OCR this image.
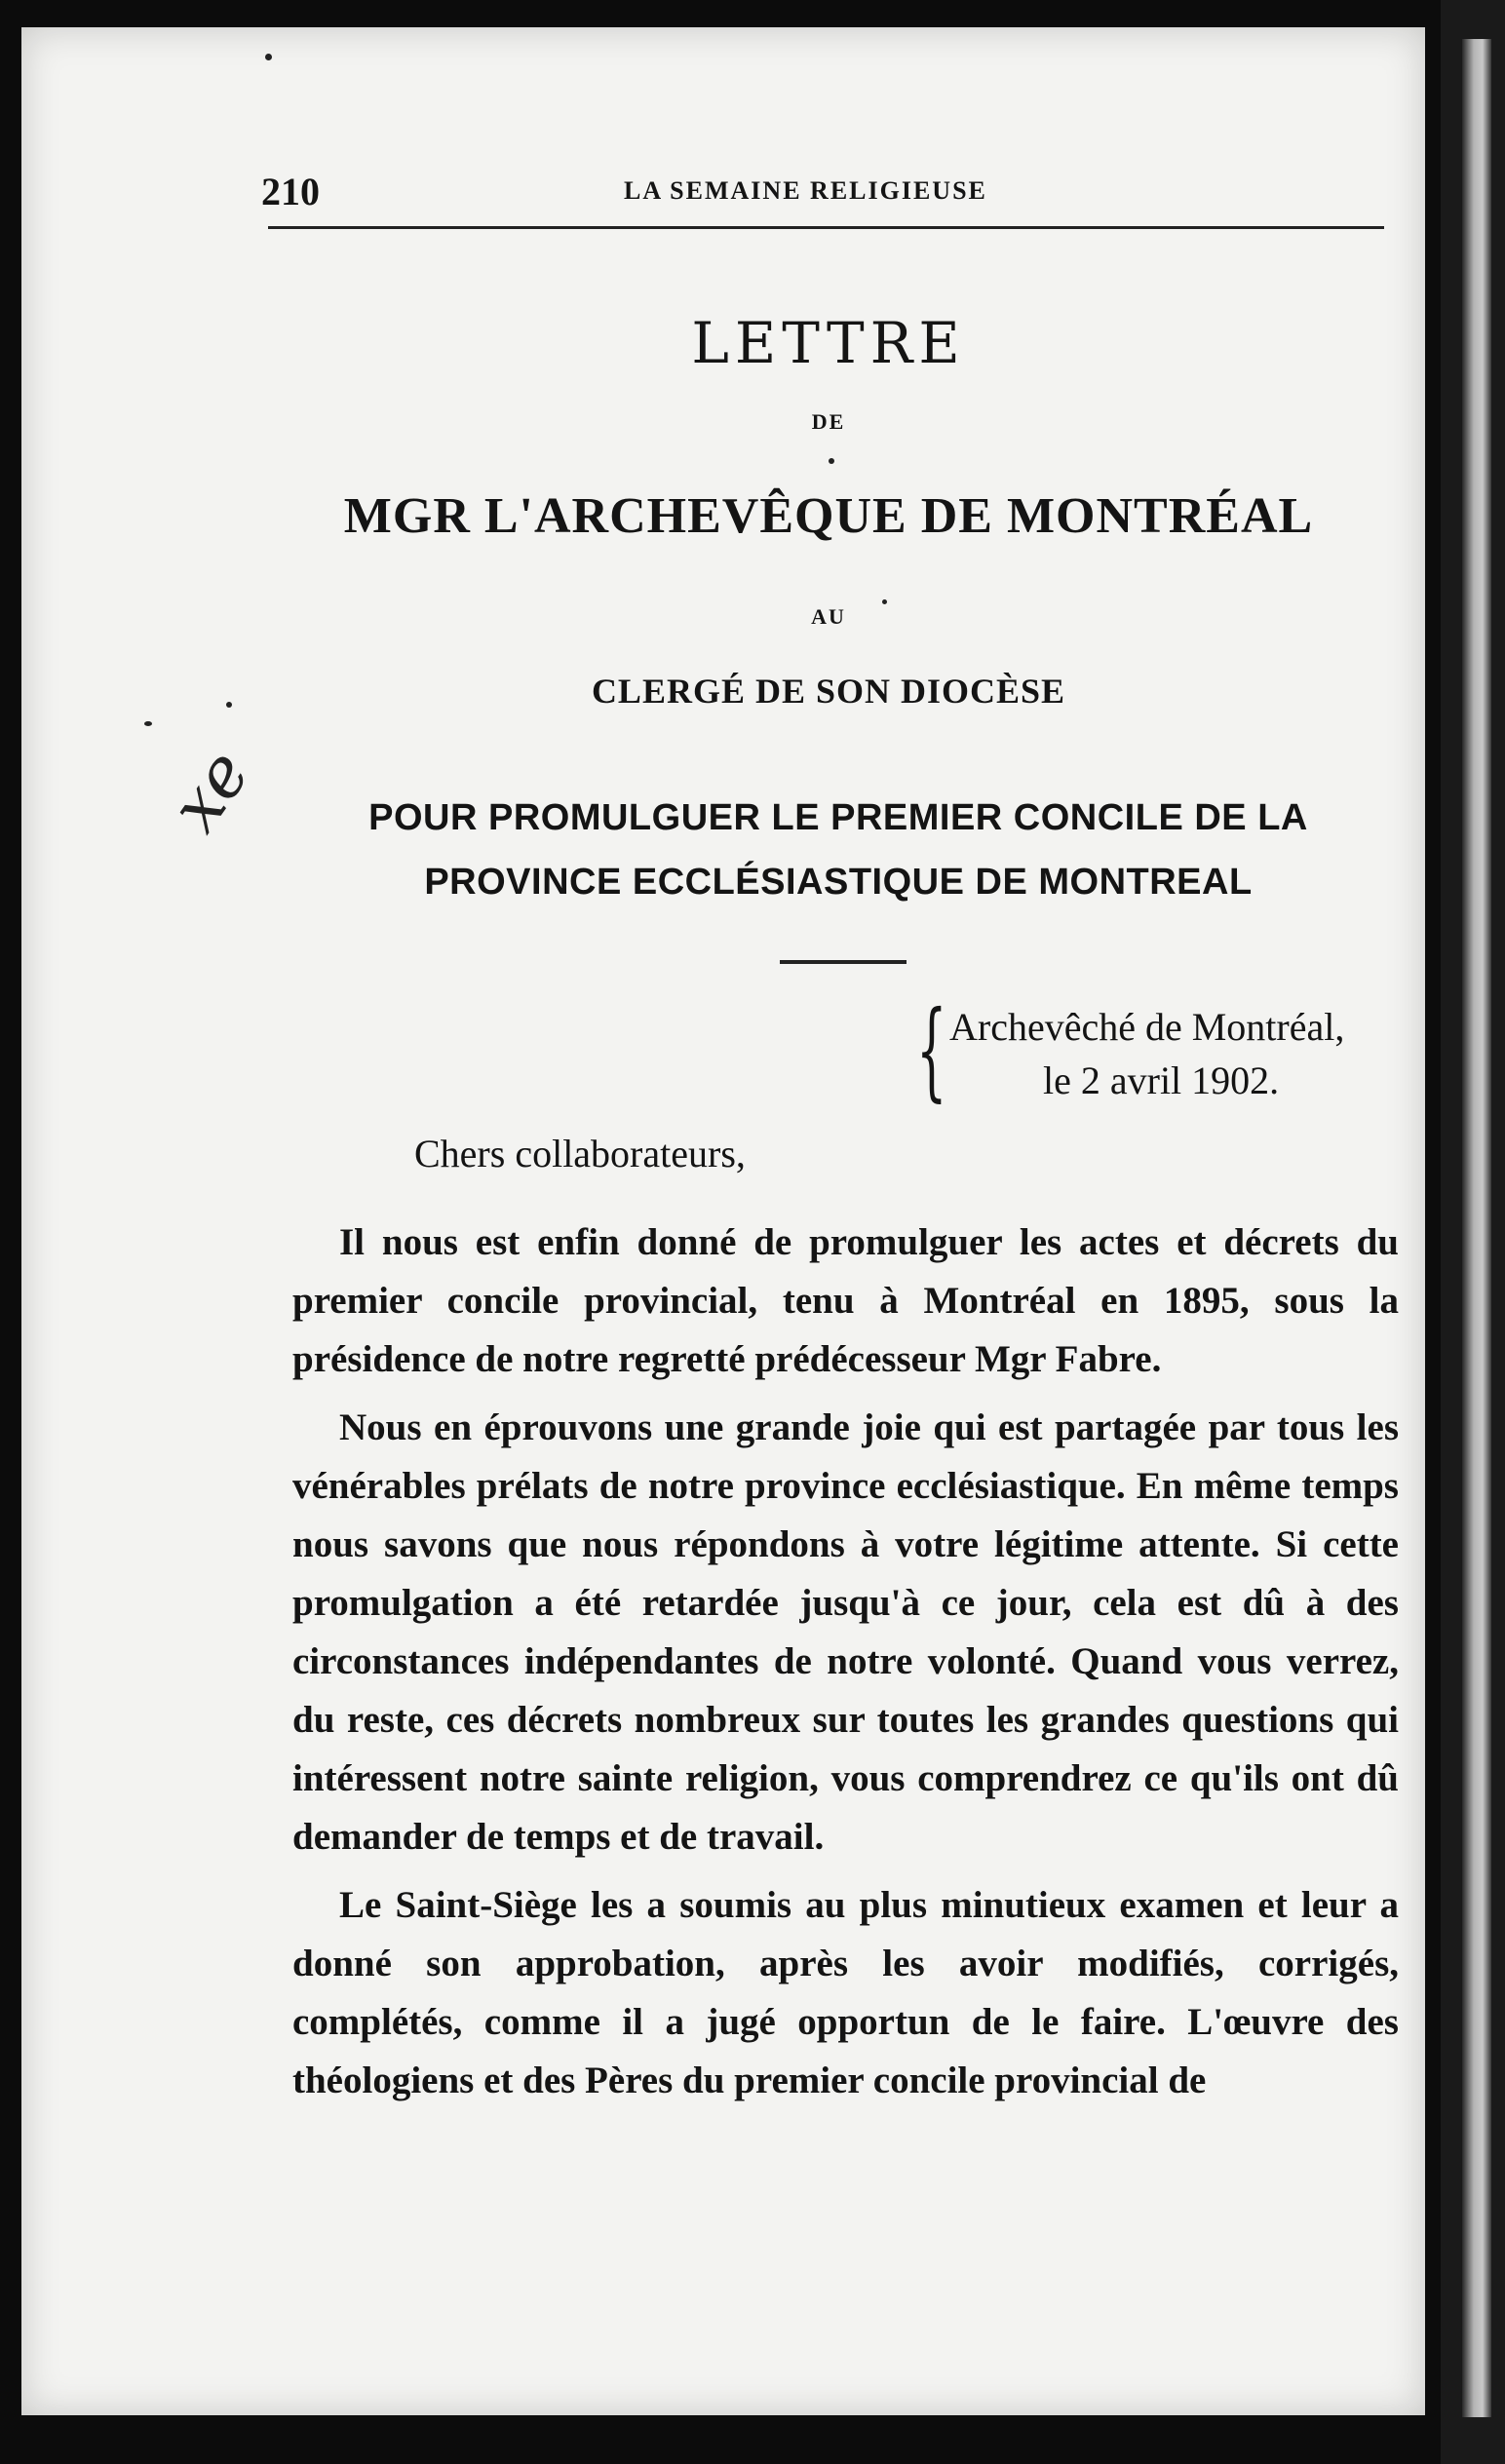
210	LA SEMAINE RELIGIEUSE
LETTRE
DE
MGR L'ARCHEVÊQUE DE MONTRÉAL
AU
CLERGÉ DE SON DIOCÈSE
POUR PROMULGUER LE PREMIER CONCILE DE LA PROVINCE ECCLÉSIASTIQUE DE MONTREAL
{ Archevêché de Montréal,
le 2 avril 1902.
Chers collaborateurs,

Il nous est enfin donné de promulguer les actes et décrets du premier concile provincial, tenu à Montréal en 1895, sous la présidence de notre regretté prédécesseur Mgr Fabre.

Nous en éprouvons une grande joie qui est partagée par tous les vénérables prélats de notre province ecclésiastique. En même temps nous savons que nous répondons à votre légitime attente. Si cette promulgation a été retardée jusqu'à ce jour, cela est dû à des circonstances indépendantes de notre volonté. Quand vous verrez, du reste, ces décrets nombreux sur toutes les grandes questions qui intéressent notre sainte religion, vous comprendrez ce qu'ils ont dû demander de temps et de travail.

Le Saint-Siège les a soumis au plus minutieux examen et leur a donné son approbation, après les avoir modifiés, corrigés, complétés, comme il a jugé opportun de le faire. L'œuvre des théologiens et des Pères du premier concile provincial de

xe
